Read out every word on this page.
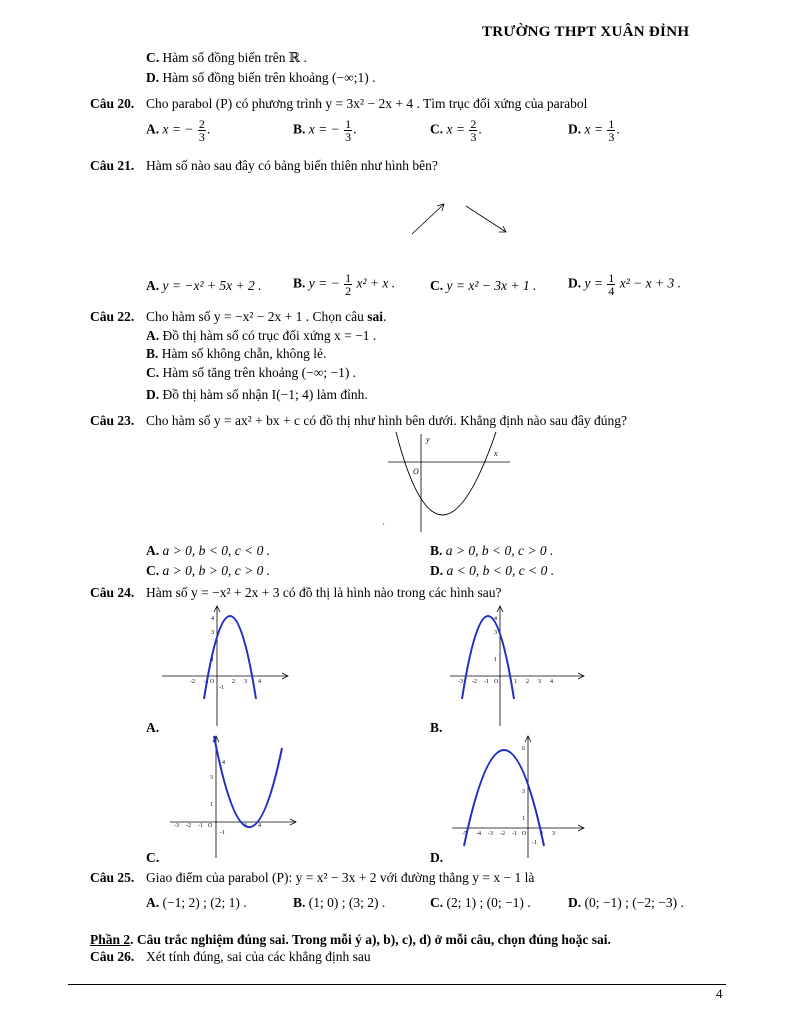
TRƯỜNG THPT XUÂN ĐỈNH
C. Hàm số đồng biến trên ℝ .
D. Hàm số đồng biến trên khoảng (−∞;1) .
Câu 20. Cho parabol (P) có phương trình y = 3x² − 2x + 4 . Tìm trục đối xứng của parabol
A. x = − $\frac{2}{3}$ .	B. x = − $\frac{1}{3}$ .	C. $x = \frac{2}{3}$ .	D. $x = \frac{1}{3}$ .
Câu 21. Hàm số nào sau đây có bảng biến thiên như hình bên?
A. y = −x² + 5x + 2 . B. y = − $\frac{1}{2} x^2 + x$ .	C. y = x² − 3x + 1 . D. $y = \frac{1}{4} x^2 - x + 3$ .
Câu 22. Cho hàm số y = −x² − 2x + 1 . Chọn câu sai.
A. Đồ thị hàm số có trục đối xứng x = −1 .
B. Hàm số không chẵn, không lẻ.
C. Hàm số tăng trên khoảng (−∞; −1) .
D. Đồ thị hàm số nhận I(−1; 4) làm đỉnh.
Câu 23. Cho hàm số y = ax² + bx + c có đồ thị như hình bên dưới. Khẳng định nào sau đây đúng?
y
x
O
`
A. a > 0, b < 0, c < 0 .	B. a > 0, b < 0, c > 0 .
C. a > 0, b > 0, c > 0 .	D. a < 0, b < 0, c < 0 .
Câu 24. Hàm số y = −x² + 2x + 3 có đồ thị là hình nào trong các hình sau?
-2 -1 O	2 3 4
4
3
1
-1
A.
-3 -2 -1 O	1 2 3 4
4
3
1
B.
-3 -2 -1 O	3 4
4
3
1
-1
C.
-5 -4 -3 -2 -1 O 2 3
6
3
1
-1
D.
Câu 25. Giao điểm của parabol (P): y = x² − 3x + 2 với đường thẳng y = x − 1 là
A. (−1; 2) ; (2; 1) .	B. (1; 0) ; (3; 2) .	C. (2; 1) ; (0; −1) .	D. (0; −1) ; (−2; −3) .
Phần 2. Câu trắc nghiệm đúng sai. Trong mỗi ý a), b), c), d) ở mỗi câu, chọn đúng hoặc sai.
Câu 26. Xét tính đúng, sai của các khẳng định sau
4
